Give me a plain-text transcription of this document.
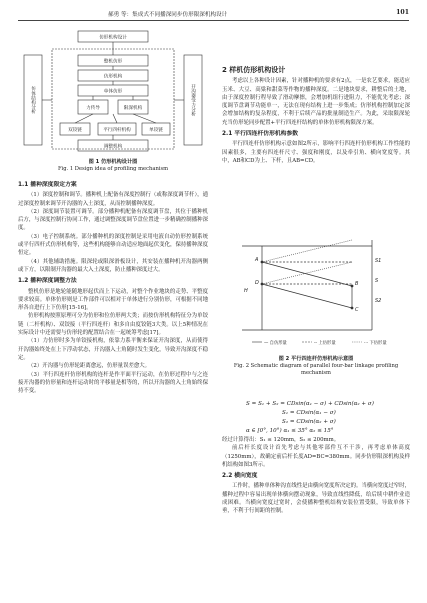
郝勇 等：集成式不同播深同步仿形限深机构设计	101
仿形机构设计
整机仿形
仿形机构
单体仿形
力传导	限深机构
双铰链	平行四杆机构	单铰链
调整机构
仿体结构分析	开沟器受力分析
图 1 仿形机构设计图
Fig. 1 Design idea of profiling mechanism
1.1 播种深度限定方案

（1）深度控制和调节。播种机上配备有深度控制行（或称深度调节杆），通过深度控制来调节开沟器的入土深度，从而控制播种深度。

（2）深度调节装置可调节。部分播种机配备有深度调节盘，其位于播种机后方，与深度控制行协同工作，通过调整深度调节盘位置进一步精确控制播种深度。

（3）电子控制系统。部分播种机的深度控制是采用电液自动仿形控制系统或平行四杆式仿形机构等，这些机构能够自动适应地面起伏变化，保持播种深度恒定。

（4）其他辅助措施。限深轮或限深滑板设计，其安装在播种机开沟器两侧或下方，以限制开沟器的最大入土深度，防止播种深度过大。

1.2 播种深度调整方法

整机仿形是地轮能随地形起伏而上下运动，对整个作业地块的走势、平整度要求较高。单体仿形则是工作部件可以相对于单体进行分别仿形，可根据不同地形各自进行上下仿形[15-16]。

仿形机构按照原理可分为仿形和位仿形两大类；而按仿形机构特征分为单铰链（二杆机构）、双铰接（平行四连杆）和多自由度铰链3大类。以上5种情况在实际设计中还需要与仿形轮的配置结合在一起统筹考虑[17]。

（1）力仿形时多为单铰接机构，依靠力系平衡来保证开沟深度，从而使得开沟器始终处在上下浮动状态，开沟器入土角随时发生变化，导致开沟深度不稳定。

（2）开沟器与仿形轮距离愈远，仿形量误差愈大。

（3）平行四连杆仿形机构的连杆是作平面平行运动，在仿形过程中与之连接开沟器的仿形量和连杆运动时的平移量是相等的，所以开沟器的入土角始终保持不变。

2 样机仿形机构设计

考虑以上各种设计因素，针对播种机的要求有2点，一是农艺要求，能适应玉米、大豆、高粱和甜菜等作物的播种深度。二是地块要求，耕整后的土地，由于深度控制行程导致了滑动摩擦，会增加机组行进阻力，不能优先考虑；深度调节盘调节功能单一，无法在现有结构上进一步集成；仿形机构控制加定深会增加结构的复杂程度，不利于后续产品的批量制造生产。为此，采取限深轮充当仿形轮同步配置+平行四连杆结构的单体仿形机构限深方案。

2.1 平行四连杆仿形机构参数

平行四连杆仿形机构示意如图2所示，影响平行四连杆仿形机构工作性能的因素很多，主要有四连杆尺寸、强度和刚度，以及牵引角、横向宽度等。其中，AB和CD为上、下杆，且AB=CD。

A
D	B
C
S1
S2
S
H
— 自仿形量	-- 上仿形量	··· 下仿形量
图 2 平行四连杆仿形机构示意图
Fig. 2 Schematic diagram of parallel four-bar linkage profiling
mechanism
S = S₁ + S₂ = CDsin(α₁ − σ) + CDsin(α₂ + σ)
S₁ = CDsin(α₁ − σ)
S₂ = CDsin(α₂ + σ)
α ∈ [0°, 10°) α₁ ≤ 35° α₂ ≤ 15°

经过计算得出：S₁ ≤ 120mm，S₂ ≤ 200mm。

前后杆长度设计首先考虑与其他零部件互不干涉，再考虑单体高度（1250mm），故确定前后杆长度AD=BC=380mm。同步仿形限深机构及样机结构如图3所示。

2.2 横向宽度

工作时，播种单体种沟直线性是由横向宽度所决定的。当横向宽度过窄时，播种过程中容易出现单体横向摆动现象，导致直线性降低，给后续中耕作业造成困难。当横向宽度过宽时，会使播种整机结构安装位置受限，导致单体下垂，不利于行间距的控制。
